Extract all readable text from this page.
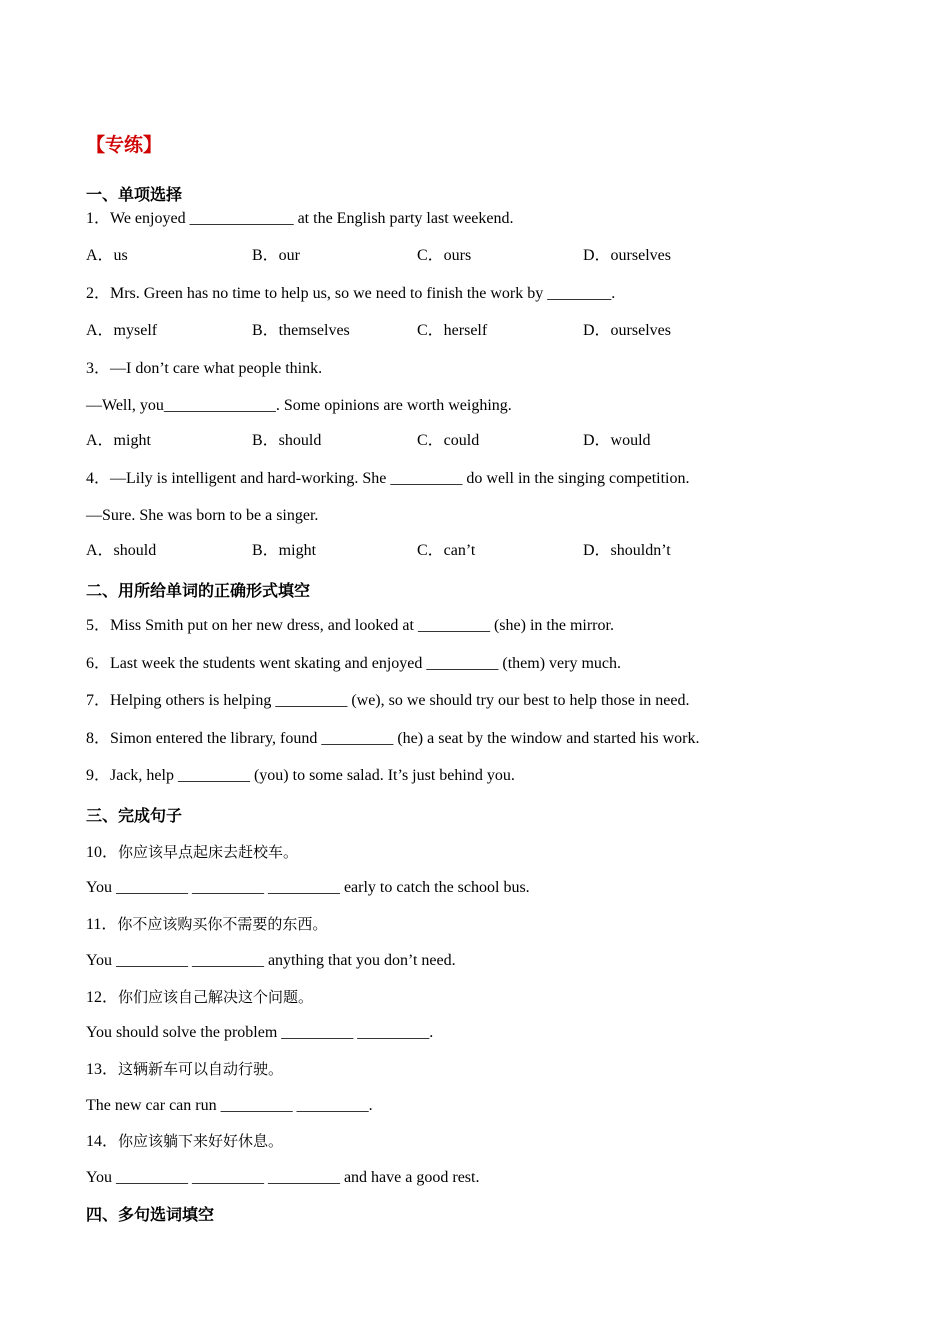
【专练】
一、单项选择
1．We enjoyed _____________ at the English party last weekend.
A．us	B．our	C．ours	D．ourselves
2．Mrs. Green has no time to help us, so we need to finish the work by ________.
A．myself	B．themselves	C．herself	D．ourselves
3．—I don’t care what people think.
—Well, you______________. Some opinions are worth weighing.
A．might	B．should	C．could	D．would
4．—Lily is intelligent and hard-working. She _________ do well in the singing competition.
—Sure. She was born to be a singer.
A．should	B．might	C．can’t	D．shouldn’t
二、用所给单词的正确形式填空
5．Miss Smith put on her new dress, and looked at _________ (she) in the mirror.
6．Last week the students went skating and enjoyed _________ (them) very much.
7．Helping others is helping _________ (we), so we should try our best to help those in need.
8．Simon entered the library, found _________ (he) a seat by the window and started his work.
9．Jack, help _________ (you) to some salad. It’s just behind you.
三、完成句子
10．你应该早点起床去赶校车。
You _________ _________ _________ early to catch the school bus.
11．你不应该购买你不需要的东西。
You _________ _________ anything that you don’t need.
12．你们应该自己解决这个问题。
You should solve the problem _________ _________.
13．这辆新车可以自动行驶。
The new car can run _________ _________.
14．你应该躺下来好好休息。
You _________ _________ _________ and have a good rest.
四、多句选词填空
